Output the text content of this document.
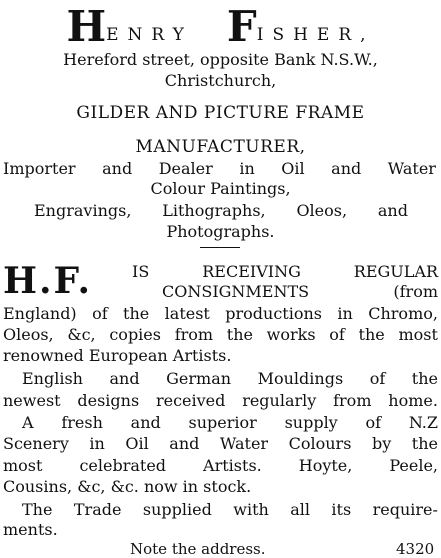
H ENRY F ISHER,
Hereford street, opposite Bank N.S.W.,
Christchurch,
GILDER AND PICTURE FRAME
MANUFACTURER,
Importer and Dealer in Oil and Water
Colour Paintings,
Engravings, Lithographs, Oleos, and
Photographs.
H.F. IS	RECEIVING	REGULAR
CONSIGNMENTS	(from
England) of the latest productions in Chromo,
Oleos, &c, copies from the works of the most
renowned European Artists.
English and German Mouldings of the
newest designs received regularly from home.
A fresh and superior supply of N.Z
Scenery in Oil and Water Colours by the
most celebrated Artists. Hoyte, Peele,
Cousins, &c, &c. now in stock.
The Trade supplied with all its require-
ments.
Note the address.	4320
